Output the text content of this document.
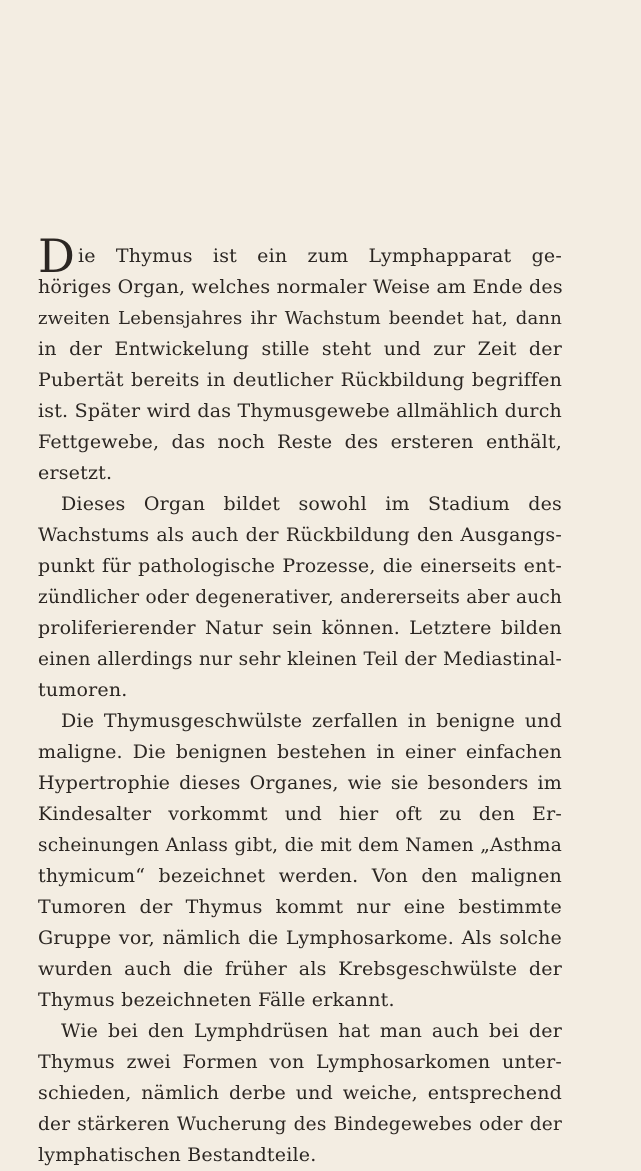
D ie Thymus ist ein zum Lymphapparat ge-
höriges Organ, welches normaler Weise am Ende des
zweiten Lebensjahres ihr Wachstum beendet hat, dann
in der Entwickelung stille steht und zur Zeit der
Pubertät bereits in deutlicher Rückbildung begriffen
ist. Später wird das Thymusgewebe allmählich durch
Fettgewebe, das noch Reste des ersteren enthält,
ersetzt.
Dieses Organ bildet sowohl im Stadium des
Wachstums als auch der Rückbildung den Ausgangs-
punkt für pathologische Prozesse, die einerseits ent-
zündlicher oder degenerativer, andererseits aber auch
proliferierender Natur sein können. Letztere bilden
einen allerdings nur sehr kleinen Teil der Mediastinal-
tumoren.
Die Thymusgeschwülste zerfallen in benigne und
maligne. Die benignen bestehen in einer einfachen
Hypertrophie dieses Organes, wie sie besonders im
Kindesalter vorkommt und hier oft zu den Er-
scheinungen Anlass gibt, die mit dem Namen „Asthma
thymicum“ bezeichnet werden. Von den malignen
Tumoren der Thymus kommt nur eine bestimmte
Gruppe vor, nämlich die Lymphosarkome. Als solche
wurden auch die früher als Krebsgeschwülste der
Thymus bezeichneten Fälle erkannt.
Wie bei den Lymphdrüsen hat man auch bei der
Thymus zwei Formen von Lymphosarkomen unter-
schieden, nämlich derbe und weiche, entsprechend
der stärkeren Wucherung des Bindegewebes oder der
lymphatischen Bestandteile.
